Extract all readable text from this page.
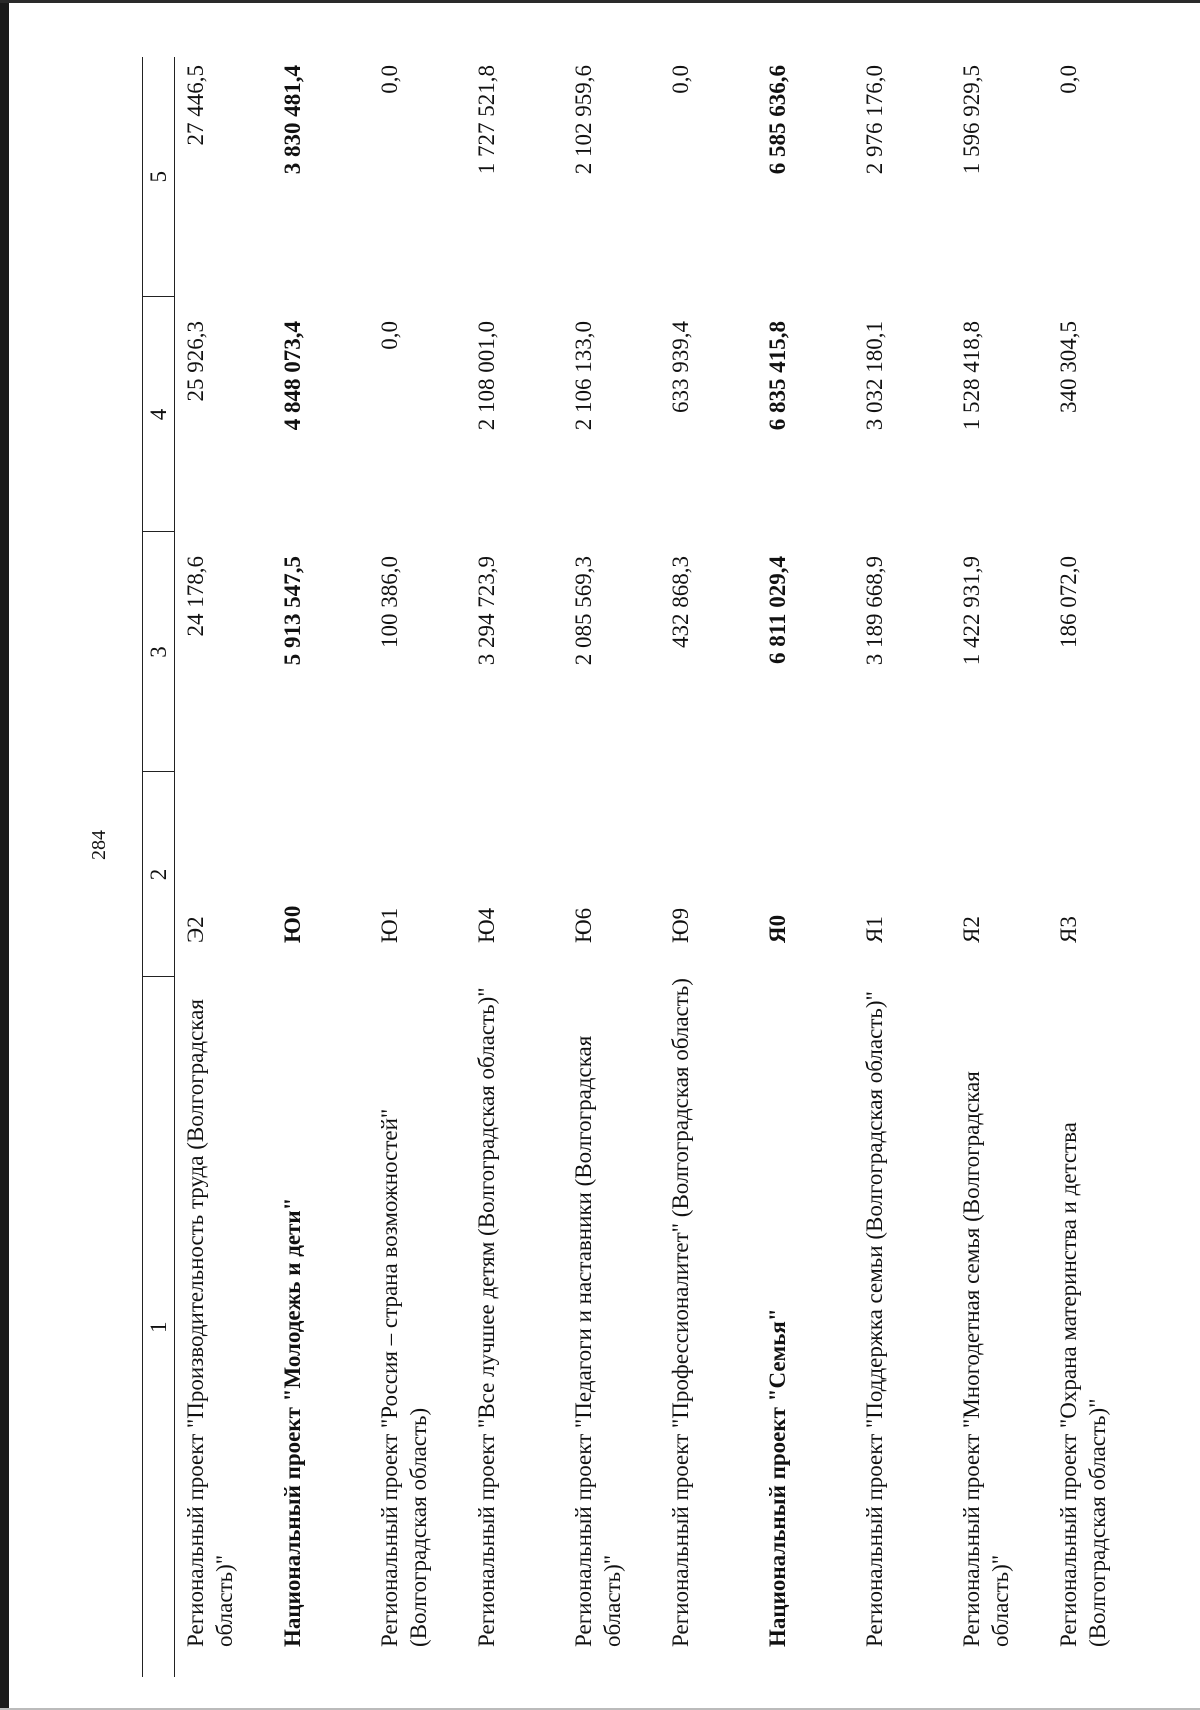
284
1	2	3	4	5
Региональный проект "Производительность труда (Волгоградская область)"	Э2	24 178,6	25 926,3	27 446,5
Национальный проект "Молодежь и дети"	Ю0	5 913 547,5	4 848 073,4	3 830 481,4
Региональный проект "Россия – страна возможностей" (Волгоградская область)	Ю1	100 386,0	0,0	0,0
Региональный проект "Все лучшее детям (Волгоградская область)"	Ю4	3 294 723,9	2 108 001,0	1 727 521,8
Региональный проект "Педагоги и наставники (Волгоградская область)"	Ю6	2 085 569,3	2 106 133,0	2 102 959,6
Региональный проект "Профессионалитет" (Волгоградская область)	Ю9	432 868,3	633 939,4	0,0
Национальный проект "Семья"	Я0	6 811 029,4	6 835 415,8	6 585 636,6
Региональный проект "Поддержка семьи (Волгоградская область)"	Я1	3 189 668,9	3 032 180,1	2 976 176,0
Региональный проект "Многодетная семья (Волгоградская область)"	Я2	1 422 931,9	1 528 418,8	1 596 929,5
Региональный проект "Охрана материнства и детства (Волгоградская область)"	Я3	186 072,0	340 304,5	0,0
